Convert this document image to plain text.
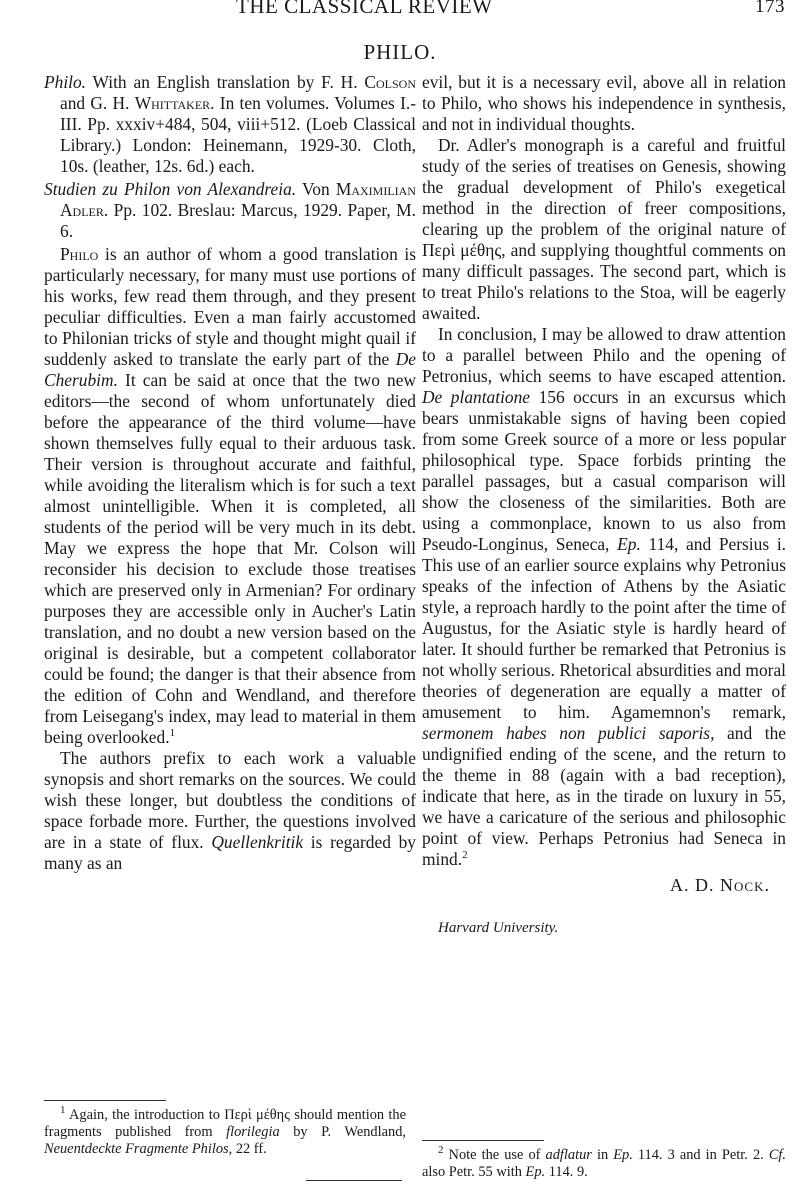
THE CLASSICAL REVIEW	173
PHILO.

Philo. With an English translation by F. H. Colson and G. H. Whittaker. In ten volumes. Volumes I.-III. Pp. xxxiv+484, 504, viii+512. (Loeb Classical Library.) London: Heinemann, 1929-30. Cloth, 10s. (leather, 12s. 6d.) each.

Studien zu Philon von Alexandreia. Von Maximilian Adler. Pp. 102. Breslau: Marcus, 1929. Paper, M. 6.

Philo is an author of whom a good translation is particularly necessary, for many must use portions of his works, few read them through, and they present peculiar difficulties. Even a man fairly accustomed to Philonian tricks of style and thought might quail if suddenly asked to translate the early part of the De Cherubim. It can be said at once that the two new editors—the second of whom unfortunately died before the appearance of the third volume—have shown themselves fully equal to their arduous task. Their version is throughout accurate and faithful, while avoiding the literalism which is for such a text almost unintelligible. When it is completed, all students of the period will be very much in its debt. May we express the hope that Mr. Colson will reconsider his decision to exclude those treatises which are preserved only in Armenian? For ordinary purposes they are accessible only in Aucher's Latin translation, and no doubt a new version based on the original is desirable, but a competent collaborator could be found; the danger is that their absence from the edition of Cohn and Wendland, and therefore from Leisegang's index, may lead to material in them being overlooked.$^1$

The authors prefix to each work a valuable synopsis and short remarks on the sources. We could wish these longer, but doubtless the conditions of space forbade more. Further, the questions involved are in a state of flux. Quellenkritik is regarded by many as an

$^1$ Again, the introduction to Περὶ μέθης should mention the fragments published from florilegia by P. Wendland, Neuentdeckte Fragmente Philos, 22 ff.

evil, but it is a necessary evil, above all in relation to Philo, who shows his independence in synthesis, and not in individual thoughts.

Dr. Adler's monograph is a careful and fruitful study of the series of treatises on Genesis, showing the gradual development of Philo's exegetical method in the direction of freer compositions, clearing up the problem of the original nature of Περὶ μέθης, and supplying thoughtful comments on many difficult passages. The second part, which is to treat Philo's relations to the Stoa, will be eagerly awaited.

In conclusion, I may be allowed to draw attention to a parallel between Philo and the opening of Petronius, which seems to have escaped attention. De plantatione 156 occurs in an excursus which bears unmistakable signs of having been copied from some Greek source of a more or less popular philosophical type. Space forbids printing the parallel passages, but a casual comparison will show the closeness of the similarities. Both are using a commonplace, known to us also from Pseudo-Longinus, Seneca, Ep. 114, and Persius i. This use of an earlier source explains why Petronius speaks of the infection of Athens by the Asiatic style, a reproach hardly to the point after the time of Augustus, for the Asiatic style is hardly heard of later. It should further be remarked that Petronius is not wholly serious. Rhetorical absurdities and moral theories of degeneration are equally a matter of amusement to him. Agamemnon's remark, sermonem habes non publici saporis, and the undignified ending of the scene, and the return to the theme in 88 (again with a bad reception), indicate that here, as in the tirade on luxury in 55, we have a caricature of the serious and philosophic point of view. Perhaps Petronius had Seneca in mind.$^2$

A. D. Nock.

Harvard University.

$^2$ Note the use of adflatur in Ep. 114. 3 and in Petr. 2. Cf. also Petr. 55 with Ep. 114. 9.
